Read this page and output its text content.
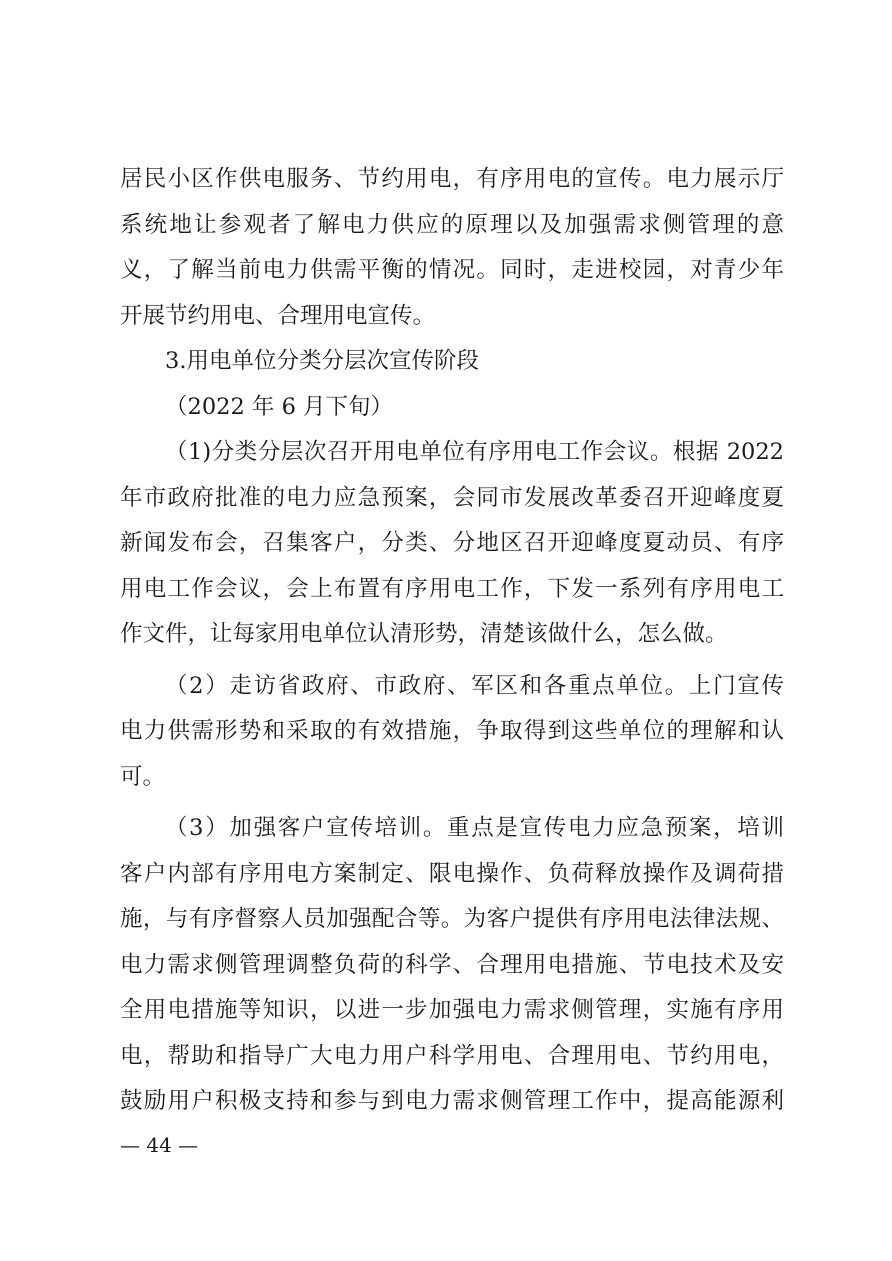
居民小区作供电服务、节约用电，有序用电的宣传。电力展示厅
系统地让参观者了解电力供应的原理以及加强需求侧管理的意
义，了解当前电力供需平衡的情况。同时，走进校园，对青少年
开展节约用电、合理用电宣传。
3.用电单位分类分层次宣传阶段
（2022 年 6 月下旬）
（1)分类分层次召开用电单位有序用电工作会议。根据 2022
年市政府批准的电力应急预案，会同市发展改革委召开迎峰度夏
新闻发布会，召集客户，分类、分地区召开迎峰度夏动员、有序
用电工作会议，会上布置有序用电工作，下发一系列有序用电工
作文件，让每家用电单位认清形势，清楚该做什么，怎么做。
（2）走访省政府、市政府、军区和各重点单位。上门宣传
电力供需形势和采取的有效措施，争取得到这些单位的理解和认
可。
（3）加强客户宣传培训。重点是宣传电力应急预案，培训
客户内部有序用电方案制定、限电操作、负荷释放操作及调荷措
施，与有序督察人员加强配合等。为客户提供有序用电法律法规、
电力需求侧管理调整负荷的科学、合理用电措施、节电技术及安
全用电措施等知识，以进一步加强电力需求侧管理，实施有序用
电，帮助和指导广大电力用户科学用电、合理用电、节约用电，
鼓励用户积极支持和参与到电力需求侧管理工作中，提高能源利
— 44 —
